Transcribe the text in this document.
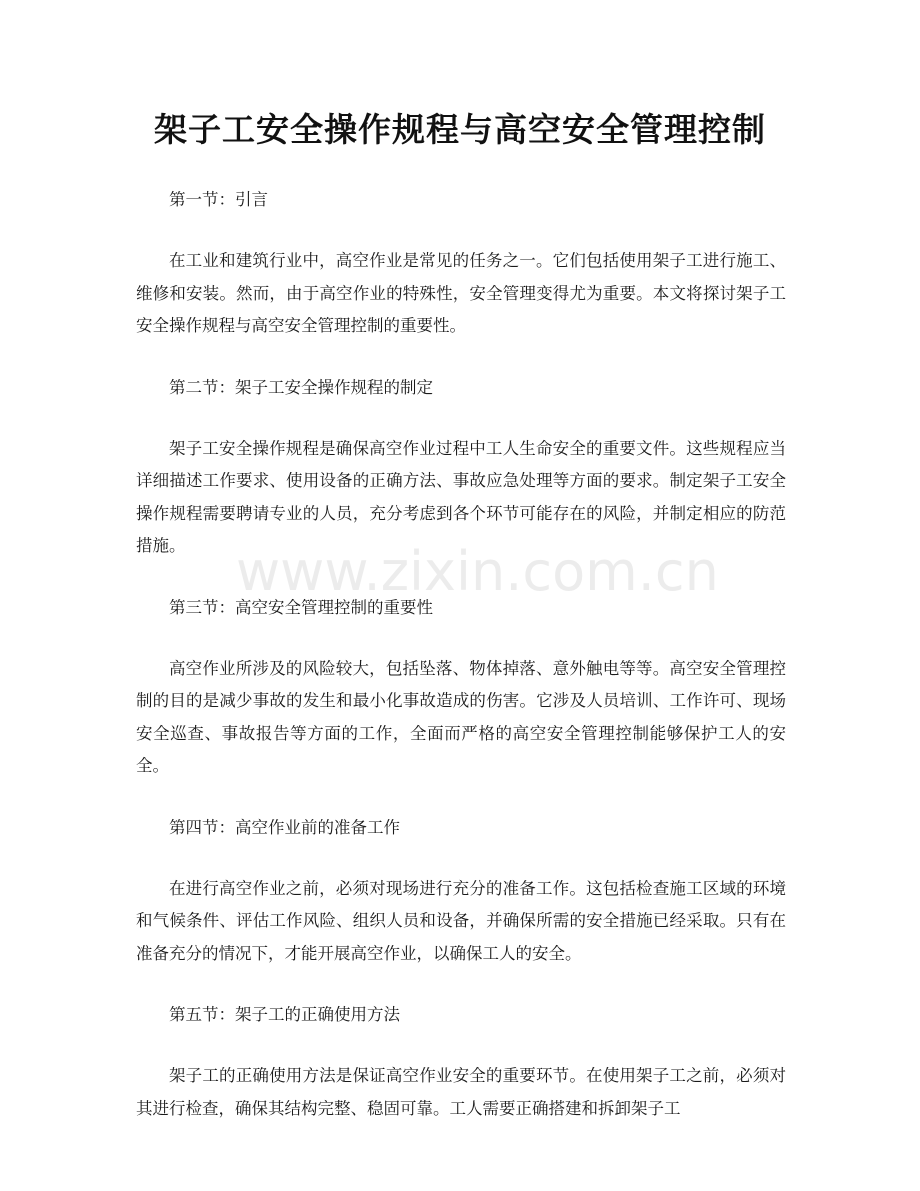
架子工安全操作规程与高空安全管理控制

第一节：引言

在工业和建筑行业中，高空作业是常见的任务之一。它们包括使用架子工进行施工、维修和安装。然而，由于高空作业的特殊性，安全管理变得尤为重要。本文将探讨架子工安全操作规程与高空安全管理控制的重要性。

第二节：架子工安全操作规程的制定

架子工安全操作规程是确保高空作业过程中工人生命安全的重要文件。这些规程应当详细描述工作要求、使用设备的正确方法、事故应急处理等方面的要求。制定架子工安全操作规程需要聘请专业的人员，充分考虑到各个环节可能存在的风险，并制定相应的防范措施。

第三节：高空安全管理控制的重要性

高空作业所涉及的风险较大，包括坠落、物体掉落、意外触电等等。高空安全管理控制的目的是减少事故的发生和最小化事故造成的伤害。它涉及人员培训、工作许可、现场安全巡查、事故报告等方面的工作，全面而严格的高空安全管理控制能够保护工人的安全。

第四节：高空作业前的准备工作

在进行高空作业之前，必须对现场进行充分的准备工作。这包括检查施工区域的环境和气候条件、评估工作风险、组织人员和设备，并确保所需的安全措施已经采取。只有在准备充分的情况下，才能开展高空作业，以确保工人的安全。

第五节：架子工的正确使用方法

架子工的正确使用方法是保证高空作业安全的重要环节。在使用架子工之前，必须对其进行检查，确保其结构完整、稳固可靠。工人需要正确搭建和拆卸架子工

www.zixin.com.cn
